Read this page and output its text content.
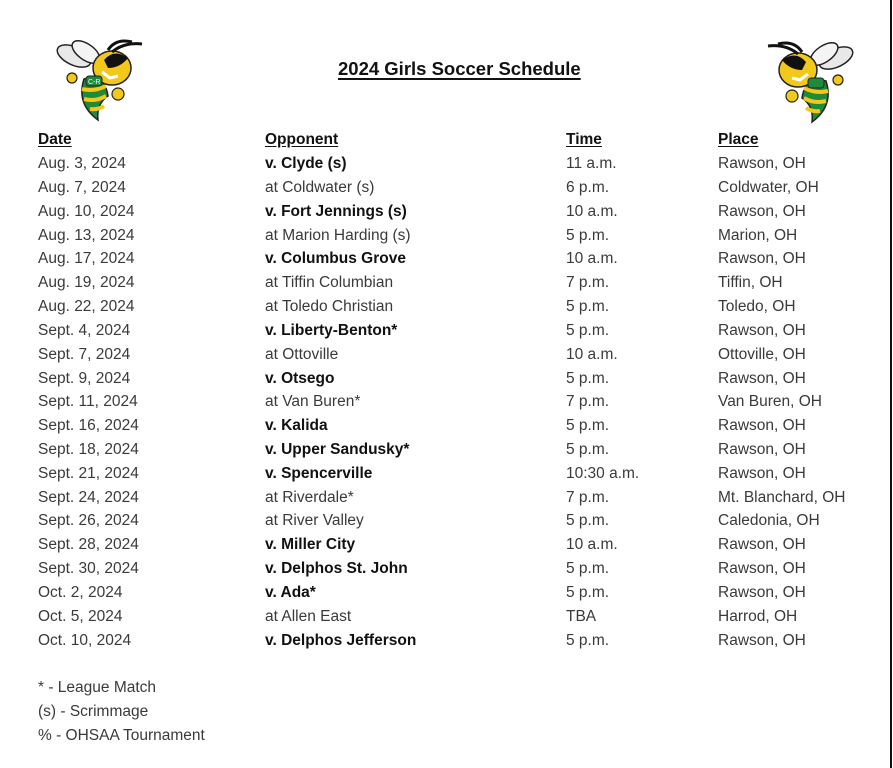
C-R
2024 Girls Soccer Schedule
Date	Opponent	Time	Place
Aug. 3, 2024	v. Clyde (s)	11 a.m.	Rawson, OH
Aug. 7, 2024	at Coldwater (s)	6 p.m.	Coldwater, OH
Aug. 10, 2024	v. Fort Jennings (s)	10 a.m.	Rawson, OH
Aug. 13, 2024	at Marion Harding (s)	5 p.m.	Marion, OH
Aug. 17, 2024	v. Columbus Grove	10 a.m.	Rawson, OH
Aug. 19, 2024	at Tiffin Columbian	7 p.m.	Tiffin, OH
Aug. 22, 2024	at Toledo Christian	5 p.m.	Toledo, OH
Sept. 4, 2024	v. Liberty-Benton*	5 p.m.	Rawson, OH
Sept. 7, 2024	at Ottoville	10 a.m.	Ottoville, OH
Sept. 9, 2024	v. Otsego	5 p.m.	Rawson, OH
Sept. 11, 2024	at Van Buren*	7 p.m.	Van Buren, OH
Sept. 16, 2024	v. Kalida	5 p.m.	Rawson, OH
Sept. 18, 2024	v. Upper Sandusky*	5 p.m.	Rawson, OH
Sept. 21, 2024	v. Spencerville	10:30 a.m.	Rawson, OH
Sept. 24, 2024	at Riverdale*	7 p.m.	Mt. Blanchard, OH
Sept. 26, 2024	at River Valley	5 p.m.	Caledonia, OH
Sept. 28, 2024	v. Miller City	10 a.m.	Rawson, OH
Sept. 30, 2024	v. Delphos St. John	5 p.m.	Rawson, OH
Oct. 2, 2024	v. Ada*	5 p.m.	Rawson, OH
Oct. 5, 2024	at Allen East	TBA	Harrod, OH
Oct. 10, 2024	v. Delphos Jefferson	5 p.m.	Rawson, OH
* - League Match
(s) - Scrimmage
% - OHSAA Tournament
